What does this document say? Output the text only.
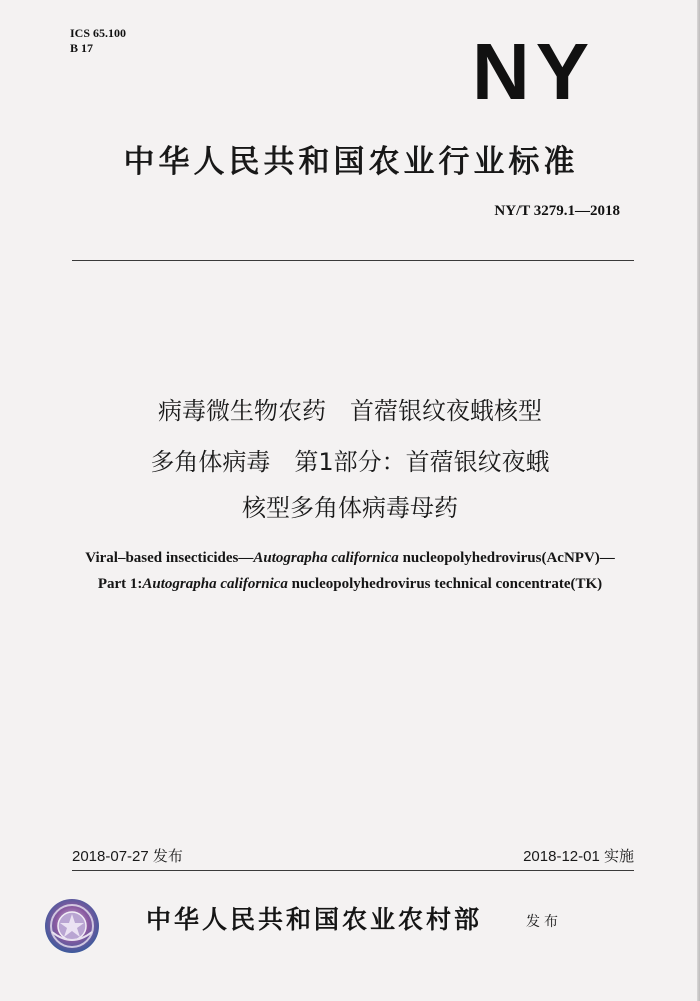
ICS 65.100
B 17	NY
中华人民共和国农业行业标准
NY/T 3279.1—2018
病毒微生物农药　首蓿银纹夜蛾核型
多角体病毒　第1部分：首蓿银纹夜蛾
核型多角体病毒母药
Viral–based insecticides—Autographa californica nucleopolyhedrovirus(AcNPV)—
Part 1:Autographa californica nucleopolyhedrovirus technical concentrate(TK)
2018-07-27 发布	2018-12-01 实施
中华人民共和国农业农村部	发布
